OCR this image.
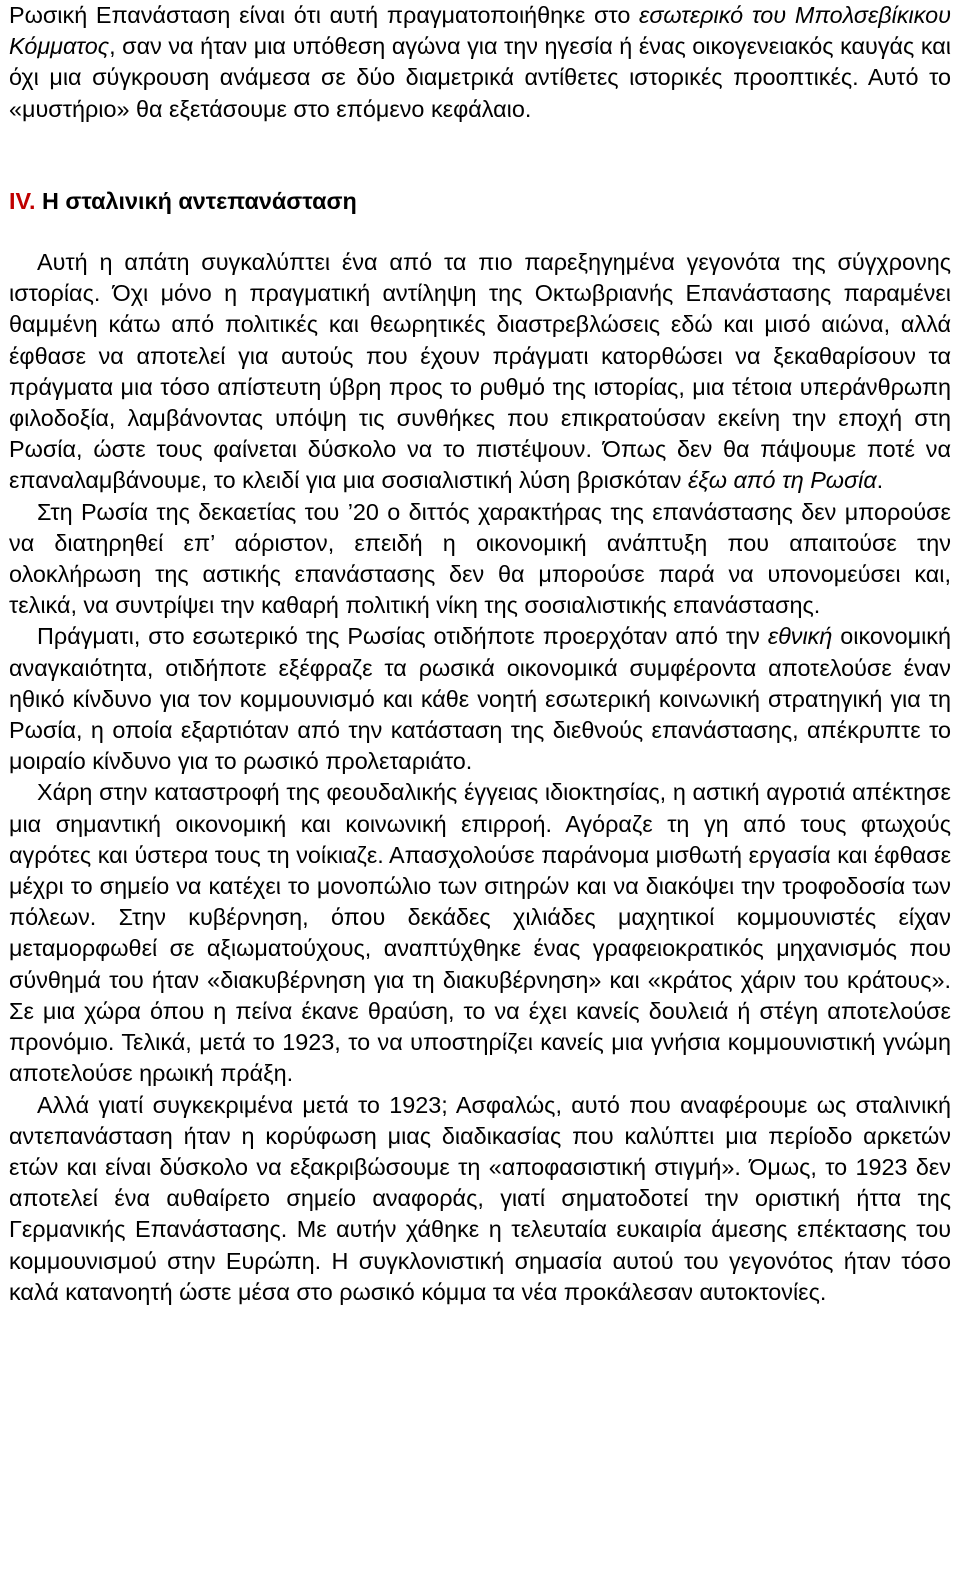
Ρωσική Επανάσταση είναι ότι αυτή πραγματοποιήθηκε στο εσωτερικό του Μπολσεβίκικου Κόμματος, σαν να ήταν μια υπόθεση αγώνα για την ηγεσία ή ένας οικογενειακός καυγάς και όχι μια σύγκρουση ανάμεσα σε δύο διαμετρικά αντίθετες ιστορικές προοπτικές. Αυτό το «μυστήριο» θα εξετάσουμε στο επόμενο κεφάλαιο.

IV. Η σταλινική αντεπανάσταση

Αυτή η απάτη συγκαλύπτει ένα από τα πιο παρεξηγημένα γεγονότα της σύγχρονης ιστορίας. Όχι μόνο η πραγματική αντίληψη της Οκτωβριανής Επανάστασης παραμένει θαμμένη κάτω από πολιτικές και θεωρητικές διαστρεβλώσεις εδώ και μισό αιώνα, αλλά έφθασε να αποτελεί για αυτούς που έχουν πράγματι κατορθώσει να ξεκαθαρίσουν τα πράγματα μια τόσο απίστευτη ύβρη προς το ρυθμό της ιστορίας, μια τέτοια υπεράνθρωπη φιλοδοξία, λαμβάνοντας υπόψη τις συνθήκες που επικρατούσαν εκείνη την εποχή στη Ρωσία, ώστε τους φαίνεται δύσκολο να το πιστέψουν. Όπως δεν θα πάψουμε ποτέ να επαναλαμβάνουμε, το κλειδί για μια σοσιαλιστική λύση βρισκόταν έξω από τη Ρωσία.

Στη Ρωσία της δεκαετίας του ’20 ο διττός χαρακτήρας της επανάστασης δεν μπορούσε να διατηρηθεί επ’ αόριστον, επειδή η οικονομική ανάπτυξη που απαιτούσε την ολοκλήρωση της αστικής επανάστασης δεν θα μπορούσε παρά να υπονομεύσει και, τελικά, να συντρίψει την καθαρή πολιτική νίκη της σοσιαλιστικής επανάστασης.

Πράγματι, στο εσωτερικό της Ρωσίας οτιδήποτε προερχόταν από την εθνική οικονομική αναγκαιότητα, οτιδήποτε εξέφραζε τα ρωσικά οικονομικά συμφέροντα αποτελούσε έναν ηθικό κίνδυνο για τον κομμουνισμό και κάθε νοητή εσωτερική κοινωνική στρατηγική για τη Ρωσία, η οποία εξαρτιόταν από την κατάσταση της διεθνούς επανάστασης, απέκρυπτε το μοιραίο κίνδυνο για το ρωσικό προλεταριάτο.

Χάρη στην καταστροφή της φεουδαλικής έγγειας ιδιοκτησίας, η αστική αγροτιά απέκτησε μια σημαντική οικονομική και κοινωνική επιρροή. Αγόραζε τη γη από τους φτωχούς αγρότες και ύστερα τους τη νοίκιαζε. Απασχολούσε παράνομα μισθωτή εργασία και έφθασε μέχρι το σημείο να κατέχει το μονοπώλιο των σιτηρών και να διακόψει την τροφοδοσία των πόλεων. Στην κυβέρνηση, όπου δεκάδες χιλιάδες μαχητικοί κομμουνιστές είχαν μεταμορφωθεί σε αξιωματούχους, αναπτύχθηκε ένας γραφειοκρατικός μηχανισμός που σύνθημά του ήταν «διακυβέρνηση για τη διακυβέρνηση» και «κράτος χάριν του κράτους». Σε μια χώρα όπου η πείνα έκανε θραύση, το να έχει κανείς δουλειά ή στέγη αποτελούσε προνόμιο. Τελικά, μετά το 1923, το να υποστηρίζει κανείς μια γνήσια κομμουνιστική γνώμη αποτελούσε ηρωική πράξη.

Αλλά γιατί συγκεκριμένα μετά το 1923; Ασφαλώς, αυτό που αναφέρουμε ως σταλινική αντεπανάσταση ήταν η κορύφωση μιας διαδικασίας που καλύπτει μια περίοδο αρκετών ετών και είναι δύσκολο να εξακριβώσουμε τη «αποφασιστική στιγμή». Όμως, το 1923 δεν αποτελεί ένα αυθαίρετο σημείο αναφοράς, γιατί σηματοδοτεί την οριστική ήττα της Γερμανικής Επανάστασης. Με αυτήν χάθηκε η τελευταία ευκαιρία άμεσης επέκτασης του κομμουνισμού στην Ευρώπη. Η συγκλονιστική σημασία αυτού του γεγονότος ήταν τόσο καλά κατανοητή ώστε μέσα στο ρωσικό κόμμα τα νέα προκάλεσαν αυτοκτονίες.
